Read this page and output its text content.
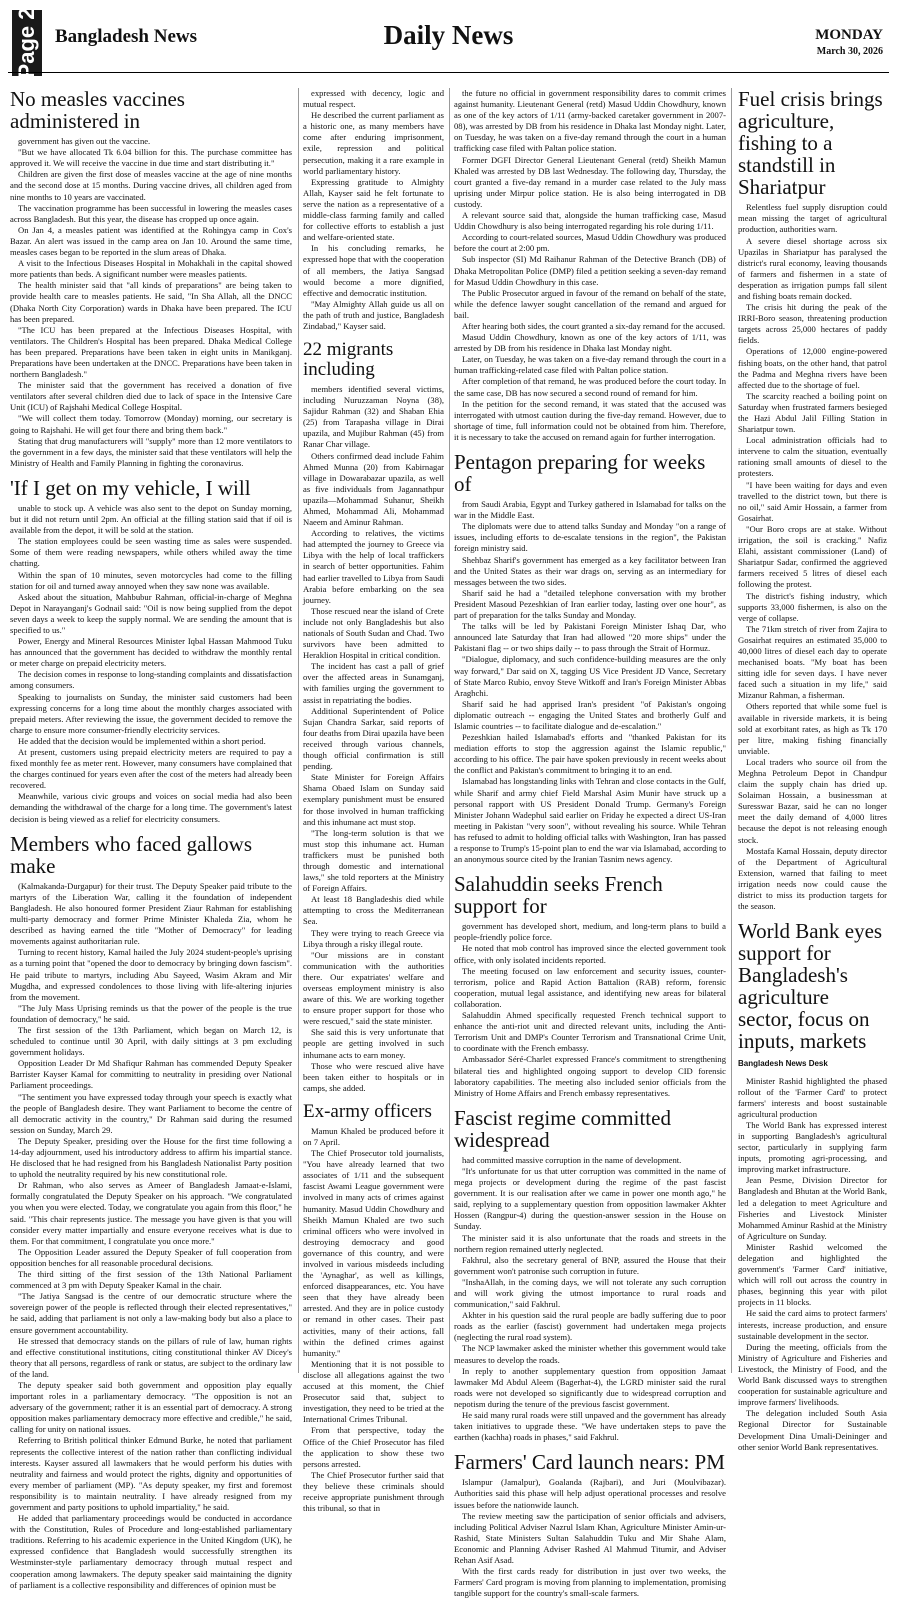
Page 2 Bangladesh News	Daily News	MONDAY
March 30, 2026
No measles vaccines administered in

government has given out the vaccine.

"But we have allocated Tk 6.04 billion for this. The purchase committee has approved it. We will receive the vaccine in due time and start distributing it."

Children are given the first dose of measles vaccine at the age of nine months and the second dose at 15 months. During vaccine drives, all children aged from nine months to 10 years are vaccinated.

The vaccination programme has been successful in lowering the measles cases across Bangladesh. But this year, the disease has cropped up once again.

On Jan 4, a measles patient was identified at the Rohingya camp in Cox's Bazar. An alert was issued in the camp area on Jan 10. Around the same time, measles cases began to be reported in the slum areas of Dhaka.

A visit to the Infectious Diseases Hospital in Mohakhali in the capital showed more patients than beds. A significant number were measles patients.

The health minister said that "all kinds of preparations" are being taken to provide health care to measles patients. He said, "In Sha Allah, all the DNCC (Dhaka North City Corporation) wards in Dhaka have been prepared. The ICU has been prepared.

"The ICU has been prepared at the Infectious Diseases Hospital, with ventilators. The Children's Hospital has been prepared. Dhaka Medical College has been prepared. Preparations have been taken in eight units in Manikganj. Preparations have been undertaken at the DNCC. Preparations have been taken in northern Bangladesh."

The minister said that the government has received a donation of five ventilators after several children died due to lack of space in the Intensive Care Unit (ICU) of Rajshahi Medical College Hospital.

"We will collect them today. Tomorrow (Monday) morning, our secretary is going to Rajshahi. He will get four there and bring them back."

Stating that drug manufacturers will "supply" more than 12 more ventilators to the government in a few days, the minister said that these ventilators will help the Ministry of Health and Family Planning in fighting the coronavirus.

'If I get on my vehicle, I will

unable to stock up. A vehicle was also sent to the depot on Sunday morning, but it did not return until 2pm. An official at the filling station said that if oil is available from the depot, it will be sold at the station.

The station employees could be seen wasting time as sales were suspended. Some of them were reading newspapers, while others whiled away the time chatting.

Within the span of 10 minutes, seven motorcycles had come to the filling station for oil and turned away annoyed when they saw none was available.

Asked about the situation, Mahbubur Rahman, official-in-charge of Meghna Depot in Narayanganj's Godnail said: "Oil is now being supplied from the depot seven days a week to keep the supply normal. We are sending the amount that is specified to us."

Power, Energy and Mineral Resources Minister Iqbal Hassan Mahmood Tuku has announced that the government has decided to withdraw the monthly rental or meter charge on prepaid electricity meters.

The decision comes in response to long-standing complaints and dissatisfaction among consumers.

Speaking to journalists on Sunday, the minister said customers had been expressing concerns for a long time about the monthly charges associated with prepaid meters. After reviewing the issue, the government decided to remove the charge to ensure more consumer-friendly electricity services.

He added that the decision would be implemented within a short period.

At present, customers using prepaid electricity meters are required to pay a fixed monthly fee as meter rent. However, many consumers have complained that the charges continued for years even after the cost of the meters had already been recovered.

Meanwhile, various civic groups and voices on social media had also been demanding the withdrawal of the charge for a long time. The government's latest decision is being viewed as a relief for electricity consumers.

Members who faced gallows make

(Kalmakanda-Durgapur) for their trust. The Deputy Speaker paid tribute to the martyrs of the Liberation War, calling it the foundation of independent Bangladesh. He also honoured former President Ziaur Rahman for establishing multi-party democracy and former Prime Minister Khaleda Zia, whom he described as having earned the title "Mother of Democracy" for leading movements against authoritarian rule.

Turning to recent history, Kamal hailed the July 2024 student-people's uprising as a turning point that "opened the door to democracy by bringing down fascism". He paid tribute to martyrs, including Abu Sayeed, Wasim Akram and Mir Mugdha, and expressed condolences to those living with life-altering injuries from the movement.

"The July Mass Uprising reminds us that the power of the people is the true foundation of democracy," he said.

The first session of the 13th Parliament, which began on March 12, is scheduled to continue until 30 April, with daily sittings at 3 pm excluding government holidays.

Opposition Leader Dr Md Shafiqur Rahman has commended Deputy Speaker Barrister Kayser Kamal for committing to neutrality in presiding over National Parliament proceedings.

"The sentiment you have expressed today through your speech is exactly what the people of Bangladesh desire. They want Parliament to become the centre of all democratic activity in the country," Dr Rahman said during the resumed session on Sunday, March 29.

The Deputy Speaker, presiding over the House for the first time following a 14-day adjournment, used his introductory address to affirm his impartial stance. He disclosed that he had resigned from his Bangladesh Nationalist Party position to uphold the neutrality required by his new constitutional role.

Dr Rahman, who also serves as Ameer of Bangladesh Jamaat-e-Islami, formally congratulated the Deputy Speaker on his approach. "We congratulated you when you were elected. Today, we congratulate you again from this floor," he said. "This chair represents justice. The message you have given is that you will consider every matter impartially and ensure everyone receives what is due to them. For that commitment, I congratulate you once more."

The Opposition Leader assured the Deputy Speaker of full cooperation from opposition benches for all reasonable procedural decisions.

The third sitting of the first session of the 13th National Parliament commenced at 3 pm with Deputy Speaker Kamal in the chair.

"The Jatiya Sangsad is the centre of our democratic structure where the sovereign power of the people is reflected through their elected representatives," he said, adding that parliament is not only a law-making body but also a place to ensure government accountability.

He stressed that democracy stands on the pillars of rule of law, human rights and effective constitutional institutions, citing constitutional thinker AV Dicey's theory that all persons, regardless of rank or status, are subject to the ordinary law of the land.

The deputy speaker said both government and opposition play equally important roles in a parliamentary democracy. "The opposition is not an adversary of the government; rather it is an essential part of democracy. A strong opposition makes parliamentary democracy more effective and credible," he said, calling for unity on national issues.

Referring to British political thinker Edmund Burke, he noted that parliament represents the collective interest of the nation rather than conflicting individual interests. Kayser assured all lawmakers that he would perform his duties with neutrality and fairness and would protect the rights, dignity and opportunities of every member of parliament (MP). "As deputy speaker, my first and foremost responsibility is to maintain neutrality. I have already resigned from my government and party positions to uphold impartiality," he said.

He added that parliamentary proceedings would be conducted in accordance with the Constitution, Rules of Procedure and long-established parliamentary traditions. Referring to his academic experience in the United Kingdom (UK), he expressed confidence that Bangladesh would successfully strengthen its Westminster-style parliamentary democracy through mutual respect and cooperation among lawmakers. The deputy speaker said maintaining the dignity of parliament is a collective responsibility and differences of opinion must be

expressed with decency, logic and mutual respect.

He described the current parliament as a historic one, as many members have come after enduring imprisonment, exile, repression and political persecution, making it a rare example in world parliamentary history.

Expressing gratitude to Almighty Allah, Kayser said he felt fortunate to serve the nation as a representative of a middle-class farming family and called for collective efforts to establish a just and welfare-oriented state.

In his concluding remarks, he expressed hope that with the cooperation of all members, the Jatiya Sangsad would become a more dignified, effective and democratic institution.

"May Almighty Allah guide us all on the path of truth and justice, Bangladesh Zindabad," Kayser said.

22 migrants including

members identified several victims, including Nuruzzaman Noyna (38), Sajidur Rahman (32) and Shaban Ehia (25) from Tarapasha village in Dirai upazila, and Mujibur Rahman (45) from Ranar Char village.

Others confirmed dead include Fahim Ahmed Munna (20) from Kabirnagar village in Dowarabazar upazila, as well as five individuals from Jagannathpur upazila—Mohammad Suhanur, Sheikh Ahmed, Mohammad Ali, Mohammad Naeem and Aminur Rahman.

According to relatives, the victims had attempted the journey to Greece via Libya with the help of local traffickers in search of better opportunities. Fahim had earlier travelled to Libya from Saudi Arabia before embarking on the sea journey.

Those rescued near the island of Crete include not only Bangladeshis but also nationals of South Sudan and Chad. Two survivors have been admitted to Heraklion Hospital in critical condition.

The incident has cast a pall of grief over the affected areas in Sunamganj, with families urging the government to assist in repatriating the bodies.

Additional Superintendent of Police Sujan Chandra Sarkar, said reports of four deaths from Dirai upazila have been received through various channels, though official confirmation is still pending.

State Minister for Foreign Affairs Shama Obaed Islam on Sunday said exemplary punishment must be ensured for those involved in human trafficking and this inhumane act must stop.

"The long-term solution is that we must stop this inhumane act. Human traffickers must be punished both through domestic and international laws," she told reporters at the Ministry of Foreign Affairs.

At least 18 Bangladeshis died while attempting to cross the Mediterranean Sea.

They were trying to reach Greece via Libya through a risky illegal route.

"Our missions are in constant communication with the authorities there. Our expatriates' welfare and overseas employment ministry is also aware of this. We are working together to ensure proper support for those who were rescued," said the state minister.

She said this is very unfortunate that people are getting involved in such inhumane acts to earn money.

Those who were rescued alive have been taken either to hospitals or in camps, she added.

Ex-army officers

Mamun Khaled be produced before it on 7 April.

The Chief Prosecutor told journalists, "You have already learned that two associates of 1/11 and the subsequent fascist Awami League government were involved in many acts of crimes against humanity. Masud Uddin Chowdhury and Sheikh Mamun Khaled are two such criminal officers who were involved in destroying democracy and good governance of this country, and were involved in various misdeeds including the 'Aynaghar', as well as killings, enforced disappearances, etc. You have seen that they have already been arrested. And they are in police custody or remand in other cases. Their past activities, many of their actions, fall within the defined crimes against humanity."

Mentioning that it is not possible to disclose all allegations against the two accused at this moment, the Chief Prosecutor said that, subject to investigation, they need to be tried at the International Crimes Tribunal.

From that perspective, today the Office of the Chief Prosecutor has filed the application to show these two persons arrested.

The Chief Prosecutor further said that they believe these criminals should receive appropriate punishment through this tribunal, so that in

the future no official in government responsibility dares to commit crimes against humanity. Lieutenant General (retd) Masud Uddin Chowdhury, known as one of the key actors of 1/11 (army-backed caretaker government in 2007-08), was arrested by DB from his residence in Dhaka last Monday night. Later, on Tuesday, he was taken on a five-day remand through the court in a human trafficking case filed with Paltan police station.

Former DGFI Director General Lieutenant General (retd) Sheikh Mamun Khaled was arrested by DB last Wednesday. The following day, Thursday, the court granted a five-day remand in a murder case related to the July mass uprising under Mirpur police station. He is also being interrogated in DB custody.

A relevant source said that, alongside the human trafficking case, Masud Uddin Chowdhury is also being interrogated regarding his role during 1/11.

According to court-related sources, Masud Uddin Chowdhury was produced before the court at 2:00 pm.

Sub inspector (SI) Md Raihanur Rahman of the Detective Branch (DB) of Dhaka Metropolitan Police (DMP) filed a petition seeking a seven-day remand for Masud Uddin Chowdhury in this case.

The Public Prosecutor argued in favour of the remand on behalf of the state, while the defence lawyer sought cancellation of the remand and argued for bail.

After hearing both sides, the court granted a six-day remand for the accused.

Masud Uddin Chowdhury, known as one of the key actors of 1/11, was arrested by DB from his residence in Dhaka last Monday night.

Later, on Tuesday, he was taken on a five-day remand through the court in a human trafficking-related case filed with Paltan police station.

After completion of that remand, he was produced before the court today. In the same case, DB has now secured a second round of remand for him.

In the petition for the second remand, it was stated that the accused was interrogated with utmost caution during the five-day remand. However, due to shortage of time, full information could not be obtained from him. Therefore, it is necessary to take the accused on remand again for further interrogation.

Pentagon preparing for weeks of

from Saudi Arabia, Egypt and Turkey gathered in Islamabad for talks on the war in the Middle East.

The diplomats were due to attend talks Sunday and Monday "on a range of issues, including efforts to de-escalate tensions in the region", the Pakistan foreign ministry said.

Shehbaz Sharif's government has emerged as a key facilitator between Iran and the United States as their war drags on, serving as an intermediary for messages between the two sides.

Sharif said he had a "detailed telephone conversation with my brother President Masoud Pezeshkian of Iran earlier today, lasting over one hour", as part of preparation for the talks Sunday and Monday.

The talks will be led by Pakistani Foreign Minister Ishaq Dar, who announced late Saturday that Iran had allowed "20 more ships" under the Pakistani flag -- or two ships daily -- to pass through the Strait of Hormuz.

"Dialogue, diplomacy, and such confidence-building measures are the only way forward," Dar said on X, tagging US Vice President JD Vance, Secretary of State Marco Rubio, envoy Steve Witkoff and Iran's Foreign Minister Abbas Araghchi.

Sharif said he had apprised Iran's president "of Pakistan's ongoing diplomatic outreach -- engaging the United States and brotherly Gulf and Islamic countries -- to facilitate dialogue and de-escalation."

Pezeshkian hailed Islamabad's efforts and "thanked Pakistan for its mediation efforts to stop the aggression against the Islamic republic," according to his office. The pair have spoken previously in recent weeks about the conflict and Pakistan's commitment to bringing it to an end.

Islamabad has longstanding links with Tehran and close contacts in the Gulf, while Sharif and army chief Field Marshal Asim Munir have struck up a personal rapport with US President Donald Trump. Germany's Foreign Minister Johann Wadephul said earlier on Friday he expected a direct US-Iran meeting in Pakistan "very soon", without revealing his source. While Tehran has refused to admit to holding official talks with Washington, Iran has passed a response to Trump's 15-point plan to end the war via Islamabad, according to an anonymous source cited by the Iranian Tasnim news agency.

Salahuddin seeks French support for

government has developed short, medium, and long-term plans to build a people-friendly police force.

He noted that mob control has improved since the elected government took office, with only isolated incidents reported.

The meeting focused on law enforcement and security issues, counter-terrorism, police and Rapid Action Battalion (RAB) reform, forensic cooperation, mutual legal assistance, and identifying new areas for bilateral collaboration.

Salahuddin Ahmed specifically requested French technical support to enhance the anti-riot unit and directed relevant units, including the Anti-Terrorism Unit and DMP's Counter Terrorism and Transnational Crime Unit, to coordinate with the French embassy.

Ambassador Séré-Charlet expressed France's commitment to strengthening bilateral ties and highlighted ongoing support to develop CID forensic laboratory capabilities. The meeting also included senior officials from the Ministry of Home Affairs and French embassy representatives.

Fascist regime committed widespread

had committed massive corruption in the name of development.

"It's unfortunate for us that utter corruption was committed in the name of mega projects or development during the regime of the past fascist government. It is our realisation after we came in power one month ago," he said, replying to a supplementary question from opposition lawmaker Akhter Hossen (Rangpur-4) during the question-answer session in the House on Sunday.

The minister said it is also unfortunate that the roads and streets in the northern region remained utterly neglected.

Fakhrul, also the secretary general of BNP, assured the House that their government won't patronise such corruption in future.

"InshaAllah, in the coming days, we will not tolerate any such corruption and will work giving the utmost importance to rural roads and communication," said Fakhrul.

Akhter in his question said the rural people are badly suffering due to poor roads as the earlier (fascist) government had undertaken mega projects (neglecting the rural road system).

The NCP lawmaker asked the minister whether this government would take measures to develop the roads.

In reply to another supplementary question from opposition Jamaat lawmaker Md Abdul Aleem (Bagerhat-4), the LGRD minister said the rural roads were not developed so significantly due to widespread corruption and nepotism during the tenure of the previous fascist government.

He said many rural roads were still unpaved and the government has already taken initiatives to upgrade these. "We have undertaken steps to pave the earthen (kachha) roads in phases," said Fakhrul.

Farmers' Card launch nears: PM

Islampur (Jamalpur), Goalanda (Rajbari), and Juri (Moulvibazar). Authorities said this phase will help adjust operational processes and resolve issues before the nationwide launch.

The review meeting saw the participation of senior officials and advisers, including Political Adviser Nazrul Islam Khan, Agriculture Minister Amin-ur-Rashid, State Ministers Sultan Salahuddin Tuku and Mir Shahe Alam, Economic and Planning Adviser Rashed Al Mahmud Titumir, and Adviser Rehan Asif Asad.

With the first cards ready for distribution in just over two weeks, the Farmers' Card program is moving from planning to implementation, promising tangible support for the country's small-scale farmers.

Fuel crisis brings agriculture, fishing to a standstill in Shariatpur

Relentless fuel supply disruption could mean missing the target of agricultural production, authorities warn.

A severe diesel shortage across six Upazilas in Shariatpur has paralysed the district's rural economy, leaving thousands of farmers and fishermen in a state of desperation as irrigation pumps fall silent and fishing boats remain docked.

The crisis hit during the peak of the IRRI-Boro season, threatening production targets across 25,000 hectares of paddy fields.

Operations of 12,000 engine-powered fishing boats, on the other hand, that patrol the Padma and Meghna rivers have been affected due to the shortage of fuel.

The scarcity reached a boiling point on Saturday when frustrated farmers besieged the Hazi Abdul Jalil Filling Station in Shariatpur town.

Local administration officials had to intervene to calm the situation, eventually rationing small amounts of diesel to the protesters.

"I have been waiting for days and even travelled to the district town, but there is no oil," said Amir Hossain, a farmer from Gosairhat.

"Our Boro crops are at stake. Without irrigation, the soil is cracking." Nafiz Elahi, assistant commissioner (Land) of Shariatpur Sadar, confirmed the aggrieved farmers received 5 litres of diesel each following the protest.

The district's fishing industry, which supports 33,000 fishermen, is also on the verge of collapse.

The 71km stretch of river from Zajira to Gosairhat requires an estimated 35,000 to 40,000 litres of diesel each day to operate mechanised boats. "My boat has been sitting idle for seven days. I have never faced such a situation in my life," said Mizanur Rahman, a fisherman.

Others reported that while some fuel is available in riverside markets, it is being sold at exorbitant rates, as high as Tk 170 per litre, making fishing financially unviable.

Local traders who source oil from the Meghna Petroleum Depot in Chandpur claim the supply chain has dried up. Solaiman Hossain, a businessman at Suresswar Bazar, said he can no longer meet the daily demand of 4,000 litres because the depot is not releasing enough stock.

Mostafa Kamal Hossain, deputy director of the Department of Agricultural Extension, warned that failing to meet irrigation needs now could cause the district to miss its production targets for the season.

World Bank eyes support for Bangladesh's agriculture sector, focus on inputs, markets
Bangladesh News Desk

Minister Rashid highlighted the phased rollout of the 'Farmer Card' to protect farmers' interests and boost sustainable agricultural production

The World Bank has expressed interest in supporting Bangladesh's agricultural sector, particularly in supplying farm inputs, promoting agri-processing, and improving market infrastructure.

Jean Pesme, Division Director for Bangladesh and Bhutan at the World Bank, led a delegation to meet Agriculture and Fisheries and Livestock Minister Mohammed Aminur Rashid at the Ministry of Agriculture on Sunday.

Minister Rashid welcomed the delegation and highlighted the government's 'Farmer Card' initiative, which will roll out across the country in phases, beginning this year with pilot projects in 11 blocks.

He said the card aims to protect farmers' interests, increase production, and ensure sustainable development in the sector.

During the meeting, officials from the Ministry of Agriculture and Fisheries and Livestock, the Ministry of Food, and the World Bank discussed ways to strengthen cooperation for sustainable agriculture and improve farmers' livelihoods.

The delegation included South Asia Regional Director for Sustainable Development Dina Umali-Deininger and other senior World Bank representatives.
